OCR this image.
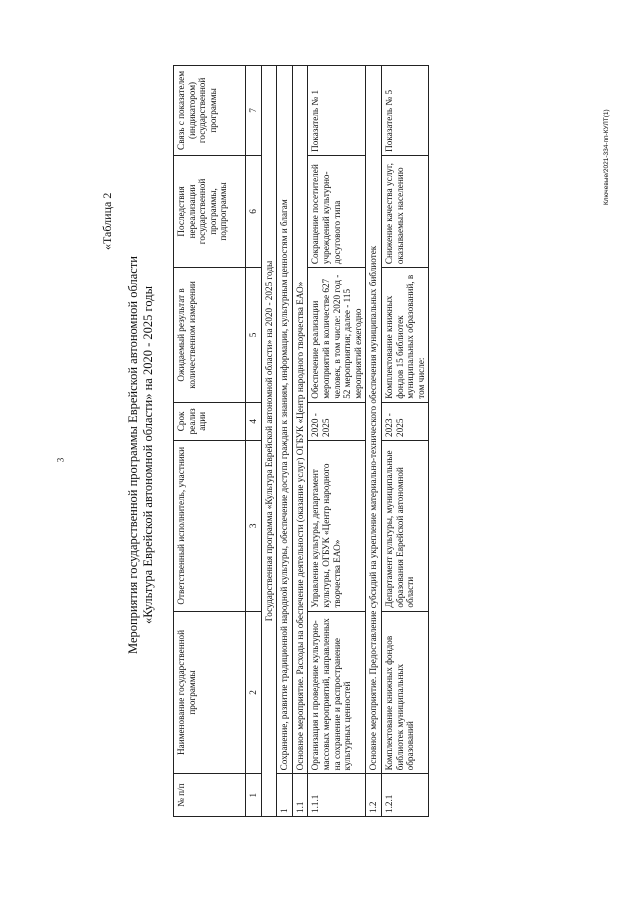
3
«Таблица 2
Мероприятия государственной программы Еврейской автономной области «Культура Еврейской автономной области» на 2020 - 2025 годы
№ п/п	Наименование государственной программы	Ответственный исполнитель, участники	Срок реализ ации	Ожидаемый результат в количественном измерении	Последствия нереализации государственной программы, подпрограммы	Связь с показателем (индикатором) государственной программы
1	2	3	4	5	6	7
Государственная программа «Культура Еврейской автономной области» на 2020 - 2025 годы						
1	Сохранение, развитие традиционной народной культуры, обеспечение доступа граждан к знаниям, информации, культурным ценностям и благам					
1.1	Основное мероприятие. Расходы на обеспечение деятельности (оказание услуг) ОГБУК «Центр народного творчества ЕАО»					
1.1.1	Организация и проведение культурно-массовых мероприятий, направленных на сохранение и распространение культурных ценностей	Управление культуры, департамент культуры, ОГБУК «Центр народного творчества ЕАО»	2020 - 2025	Обеспечение реализации мероприятий в количестве 627 человек, в том числе: 2020 год - 52 мероприятия; далее - 115 мероприятий ежегодно	Сокращение посетителей учреждений культурно-досугового типа	Показатель № 1
1.2	Основное мероприятие. Предоставление субсидий на укрепление материально-технического обеспечения муниципальных библиотек					
1.2.1	Комплектование книжных фондов библиотек муниципальных образований	Департамент культуры, муниципальные образования Еврейской автономной области	2023 - 2025	Комплектование книжных фондов 15 библиотек муниципальных образований, в том числе:	Снижение качества услуг, оказываемых населению	Показатель № 5	Ключевые/2021-334-пп-КУЛТ(1)
